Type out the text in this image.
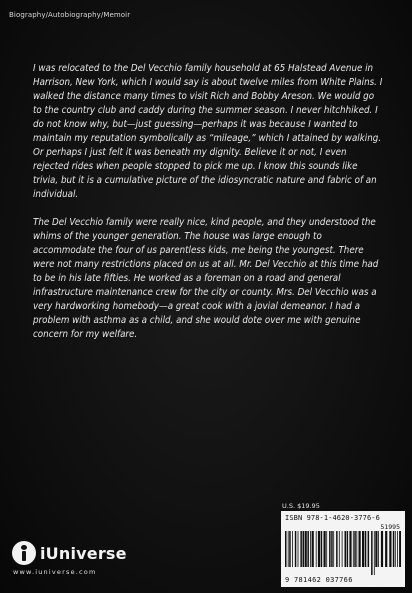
Biography/Autobiography/Memoir

I was relocated to the Del Vecchio family household at 65 Halstead Avenue in Harrison, New York, which I would say is about twelve miles from White Plains. I walked the distance many times to visit Rich and Bobby Areson. We would go to the country club and caddy during the summer season. I never hitchhiked. I do not know why, but—just guessing—perhaps it was because I wanted to maintain my reputation symbolically as “mileage,” which I attained by walking. Or perhaps I just felt it was beneath my dignity. Believe it or not, I even rejected rides when people stopped to pick me up. I know this sounds like trivia, but it is a cumulative picture of the idiosyncratic nature and fabric of an individual.

The Del Vecchio family were really nice, kind people, and they understood the whims of the younger generation. The house was large enough to accommodate the four of us parentless kids, me being the youngest. There were not many restrictions placed on us at all. Mr. Del Vecchio at this time had to be in his late fifties. He worked as a foreman on a road and general infrastructure maintenance crew for the city or county. Mrs. Del Vecchio was a very hardworking homebody—a great cook with a jovial demeanor. I had a problem with asthma as a child, and she would dote over me with genuine concern for my welfare.

U.S. $19.95
ISBN 978-1-4620-3776-6
51995
9 781462 037766
iUniverse
www.iuniverse.com
